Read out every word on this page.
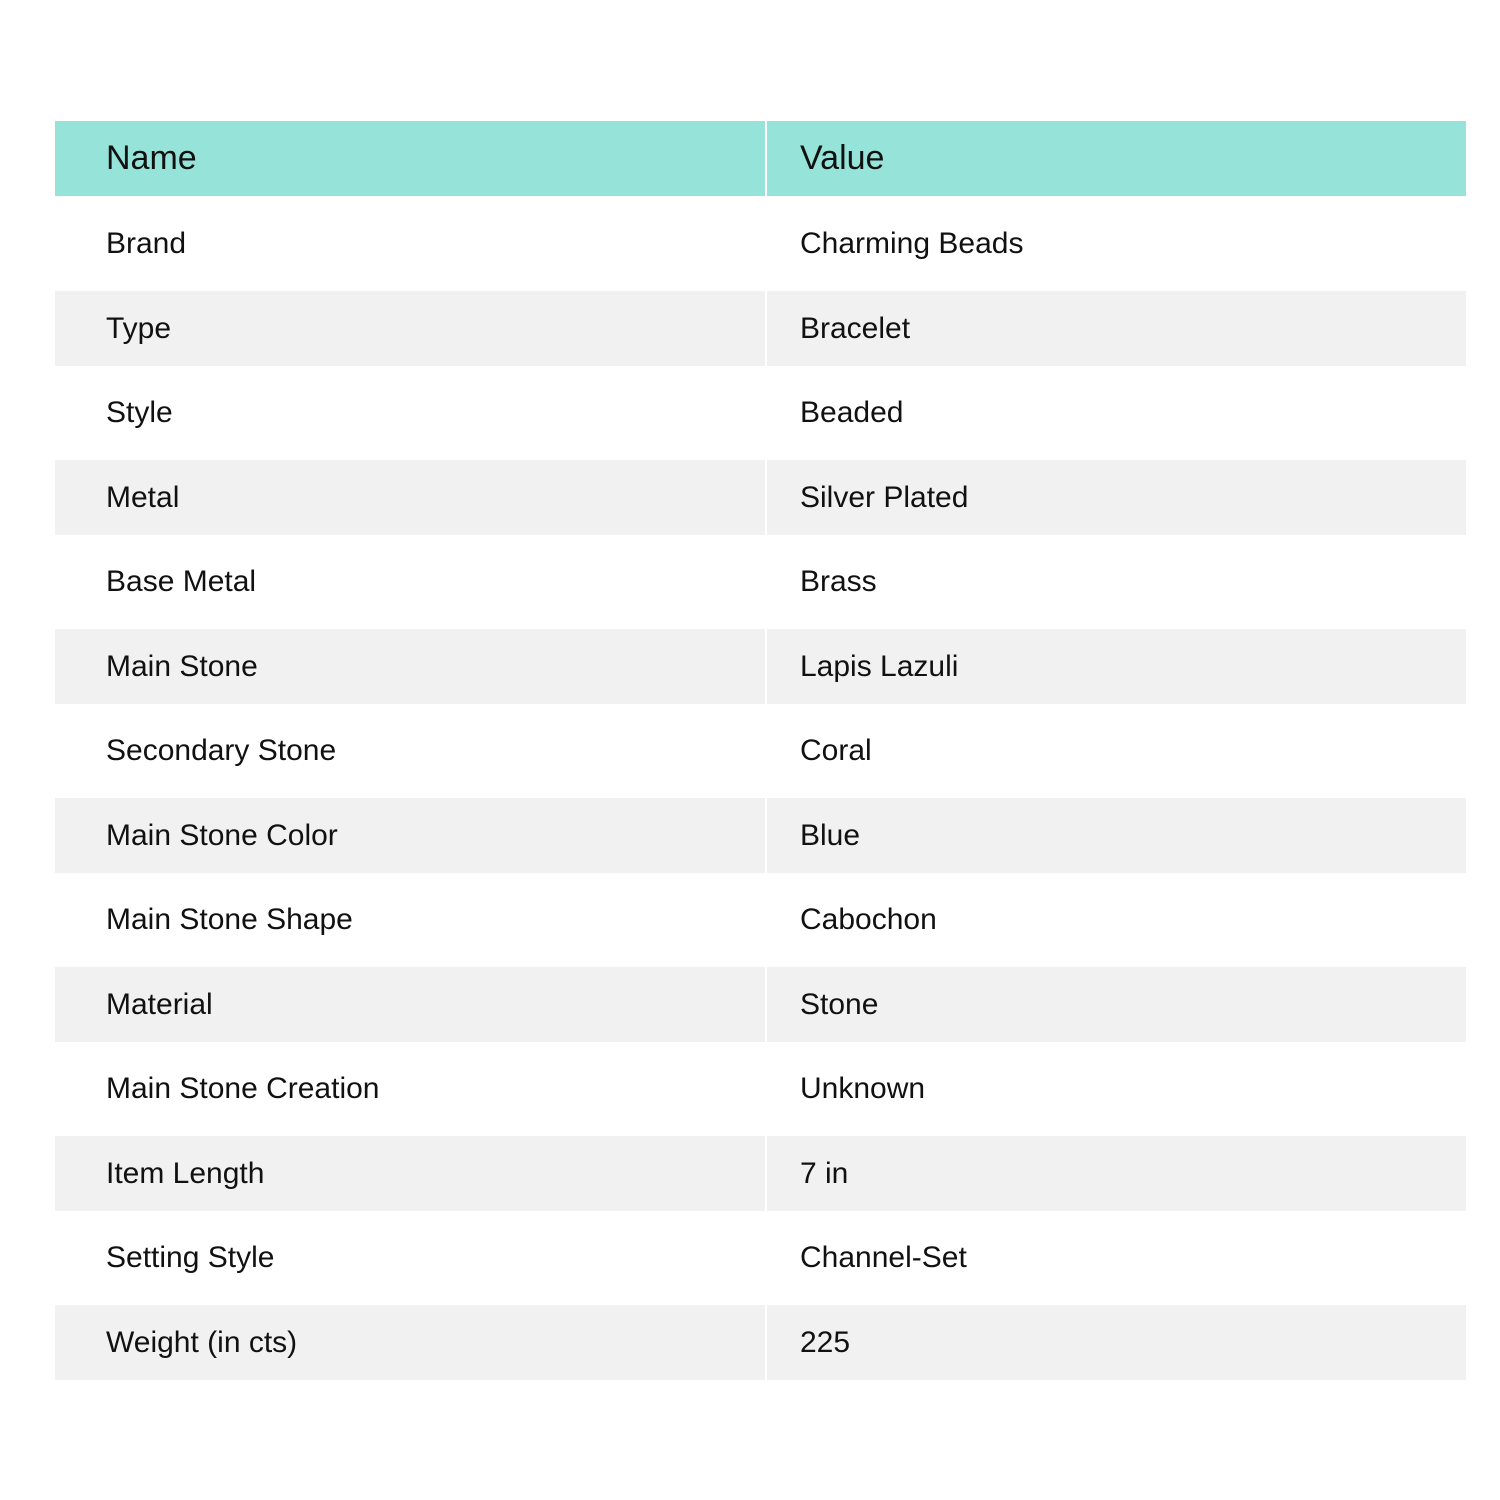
Name	Value
Brand	Charming Beads
Type	Bracelet
Style	Beaded
Metal	Silver Plated
Base Metal	Brass
Main Stone	Lapis Lazuli
Secondary Stone	Coral
Main Stone Color	Blue
Main Stone Shape	Cabochon
Material	Stone
Main Stone Creation	Unknown
Item Length	7 in
Setting Style	Channel-Set
Weight (in cts)	225
